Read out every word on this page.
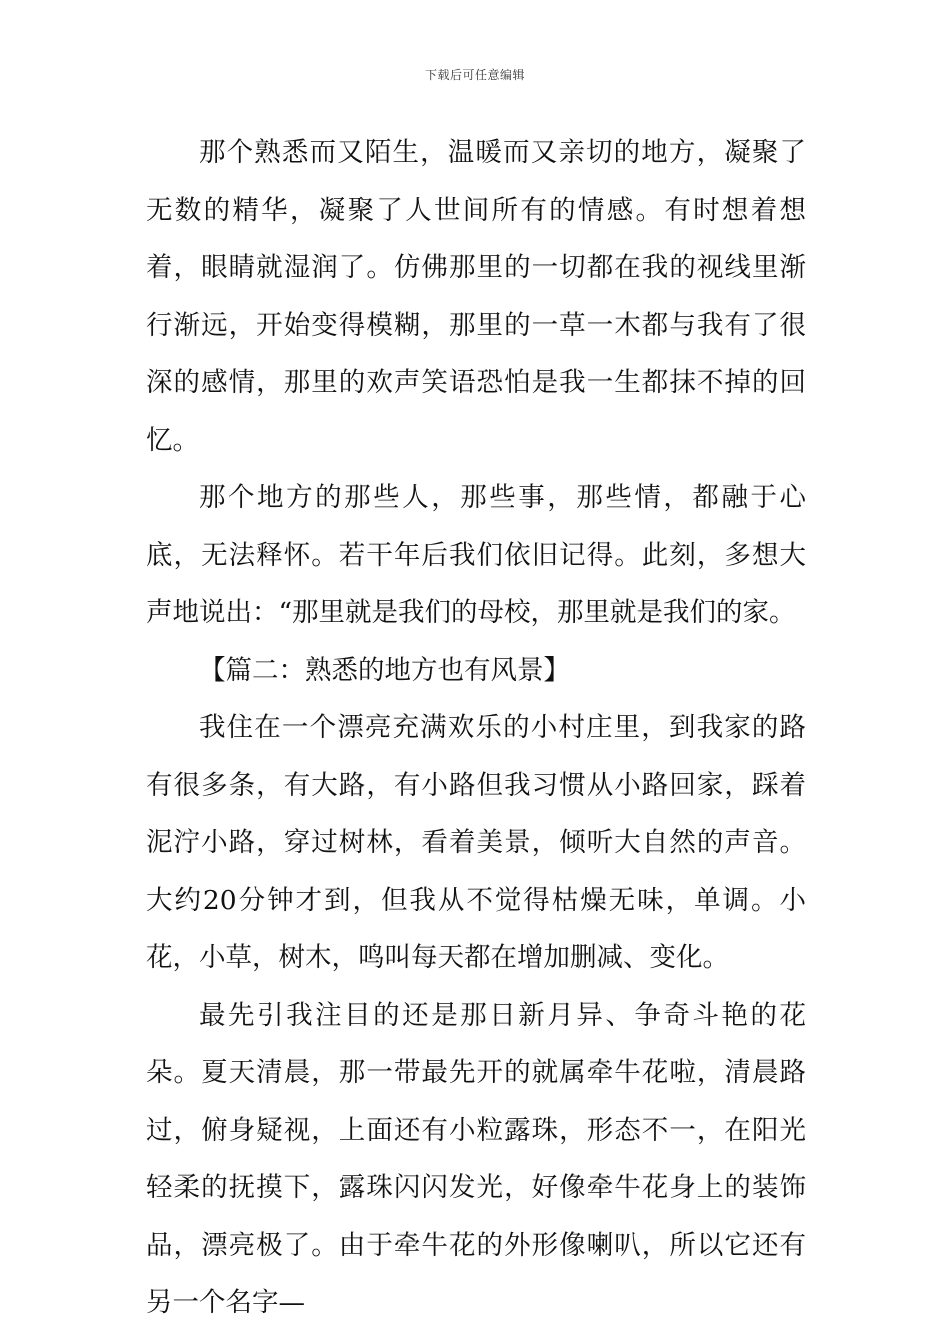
下载后可任意编辑

那个熟悉而又陌生，温暖而又亲切的地方，凝聚了无数的精华，凝聚了人世间所有的情感。有时想着想着，眼睛就湿润了。仿佛那里的一切都在我的视线里渐行渐远，开始变得模糊，那里的一草一木都与我有了很深的感情，那里的欢声笑语恐怕是我一生都抹不掉的回忆。

那个地方的那些人，那些事，那些情，都融于心底，无法释怀。若干年后我们依旧记得。此刻，多想大声地说出：“那里就是我们的母校，那里就是我们的家。

【篇二：熟悉的地方也有风景】

我住在一个漂亮充满欢乐的小村庄里，到我家的路有很多条，有大路，有小路但我习惯从小路回家，踩着泥泞小路，穿过树林，看着美景，倾听大自然的声音。大约20分钟才到，但我从不觉得枯燥无味，单调。小花，小草，树木，鸣叫每天都在增加删减、变化。

最先引我注目的还是那日新月异、争奇斗艳的花朵。夏天清晨，那一带最先开的就属牵牛花啦，清晨路过，俯身疑视，上面还有小粒露珠，形态不一，在阳光轻柔的抚摸下，露珠闪闪发光，好像牵牛花身上的装饰品，漂亮极了。由于牵牛花的外形像喇叭，所以它还有另一个名字—
